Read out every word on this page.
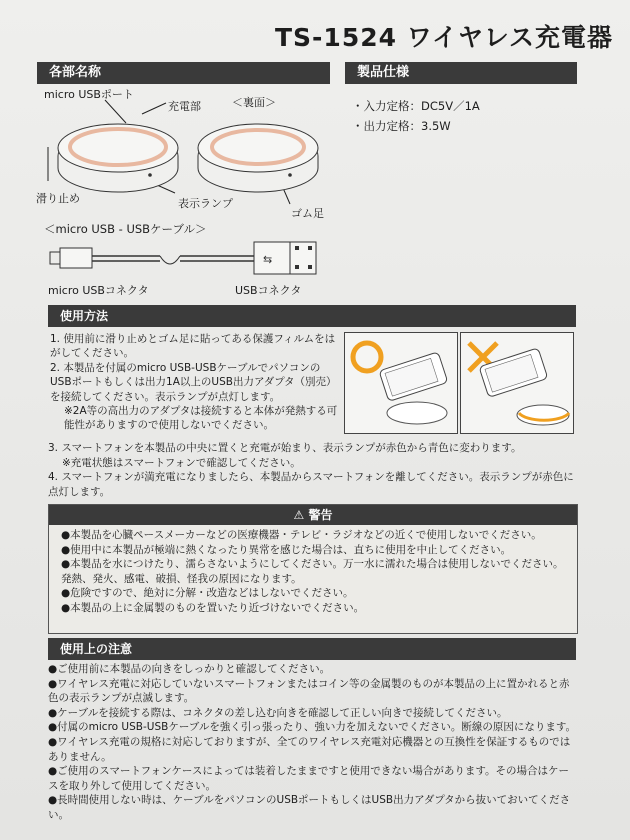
TS-1524 ワイヤレス充電器
各部名称	製品仕様
micro USBポート
充電部	＜裏面＞
滑り止め	表示ランプ
ゴム足
＜micro USB - USBケーブル＞
⇆
micro USBコネクタ	USBコネクタ
・入力定格：DC5V／1A
・出力定格：3.5W
使用方法

1. 使用前に滑り止めとゴム足に貼ってある保護フィルムをはがしてください。

2. 本製品を付属のmicro USB-USBケーブルでパソコンのUSBポートもしくは出力1A以上のUSB出力アダプタ（別売）を接続してください。表示ランプが点灯します。

※2A等の高出力のアダプタは接続すると本体が発熱する可能性がありますので使用しないでください。

3. スマートフォンを本製品の中央に置くと充電が始まり、表示ランプが赤色から青色に変わります。

※充電状態はスマートフォンで確認してください。

4. スマートフォンが満充電になりましたら、本製品からスマートフォンを離してください。表示ランプが赤色に点灯します。

⚠ 警告

●本製品を心臓ペースメーカーなどの医療機器・テレビ・ラジオなどの近くで使用しないでください。

●使用中に本製品が極端に熱くなったり異常を感じた場合は、直ちに使用を中止してください。

●本製品を水につけたり、濡らさないようにしてください。万一水に濡れた場合は使用しないでください。発熱、発火、感電、破損、怪我の原因になります。

●危険ですので、絶対に分解・改造などはしないでください。

●本製品の上に金属製のものを置いたり近づけないでください。

使用上の注意

●ご使用前に本製品の向きをしっかりと確認してください。

●ワイヤレス充電に対応していないスマートフォンまたはコイン等の金属製のものが本製品の上に置かれると赤色の表示ランプが点滅します。

●ケーブルを接続する際は、コネクタの差し込む向きを確認して正しい向きで接続してください。

●付属のmicro USB-USBケーブルを強く引っ張ったり、強い力を加えないでください。断線の原因になります。

●ワイヤレス充電の規格に対応しておりますが、全てのワイヤレス充電対応機器との互換性を保証するものではありません。

●ご使用のスマートフォンケースによっては装着したままですと使用できない場合があります。その場合はケースを取り外して使用してください。

●長時間使用しない時は、ケーブルをパソコンのUSBポートもしくはUSB出力アダプタから抜いておいてください。
